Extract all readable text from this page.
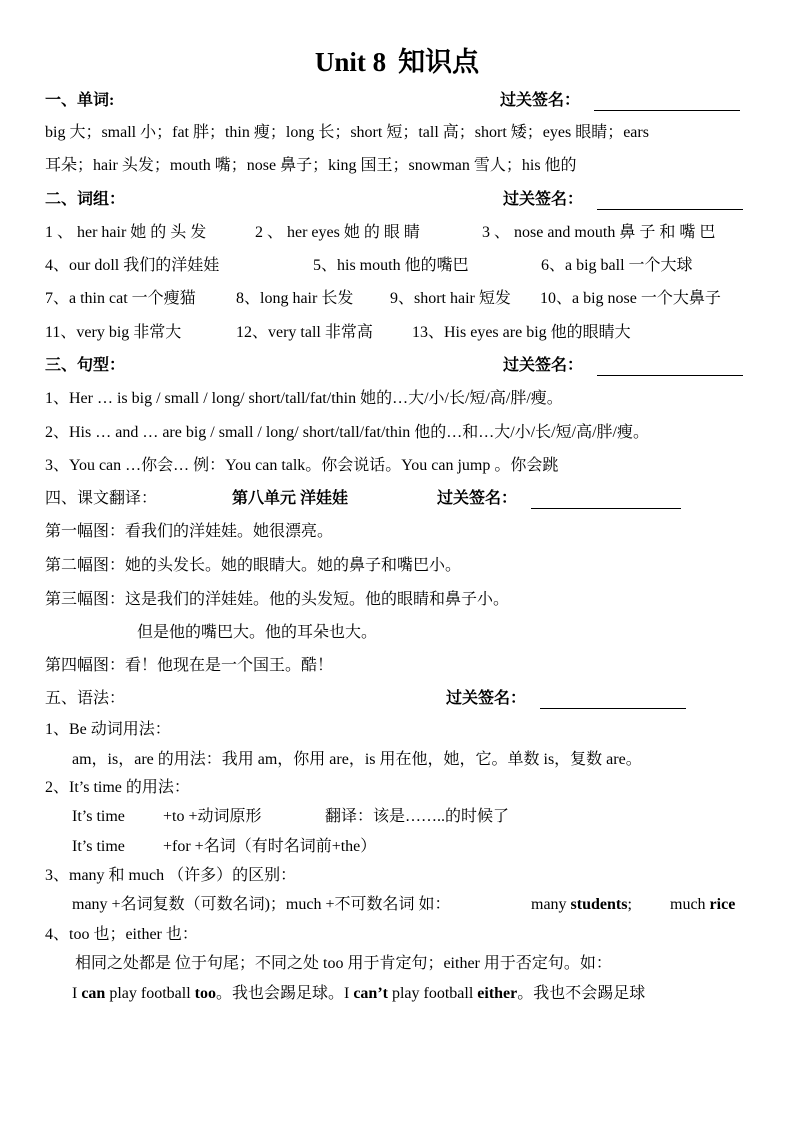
Unit 8 知识点
一、单词:	过关签名：
big 大；small 小；fat 胖；thin 瘦；long 长；short 短；tall 高；short 矮；eyes 眼睛；ears
耳朵；hair 头发；mouth 嘴；nose 鼻子；king 国王；snowman 雪人；his 他的
二、词组：	过关签名：
1 、 her hair 她 的 头 发	2 、 her eyes 她 的 眼 睛	3 、 nose and mouth 鼻 子 和 嘴 巴
4、our doll 我们的洋娃娃	5、his mouth 他的嘴巴	6、a big ball 一个大球
7、a thin cat 一个瘦猫	8、long hair 长发 9、short hair 短发 10、a big nose 一个大鼻子
11、very big 非常大	12、very tall 非常高 13、His eyes are big 他的眼睛大
三、句型：	过关签名：
1、Her … is big / small / long/ short/tall/fat/thin 她的…大/小/长/短/高/胖/瘦。
2、His … and … are big / small / long/ short/tall/fat/thin 他的…和…大/小/长/短/高/胖/瘦。
3、You can …你会… 例：You can talk。你会说话。You can jump 。你会跳
四、课文翻译：	第八单元 洋娃娃	过关签名：
第一幅图：看我们的洋娃娃。她很漂亮。
第二幅图：她的头发长。她的眼睛大。她的鼻子和嘴巴小。
第三幅图：这是我们的洋娃娃。他的头发短。他的眼睛和鼻子小。
但是他的嘴巴大。他的耳朵也大。
第四幅图：看！他现在是一个国王。酷！
五、语法：	过关签名：
1、Be 动词用法：
am，is，are 的用法：我用 am，你用 are，is 用在他，她，它。单数 is，复数 are。
2、It’s time 的用法：
It’s time +to +动词原形	翻译：该是……..的时候了
It’s time +for +名词（有时名词前+the）
3、many 和 much （许多）的区别：
many +名词复数（可数名词)；much +不可数名词 如：	many students; much rice
4、too 也；either 也：
相同之处都是 位于句尾；不同之处 too 用于肯定句；either 用于否定句。如：
I can play football too。我也会踢足球。I can’t play football either。我也不会踢足球
